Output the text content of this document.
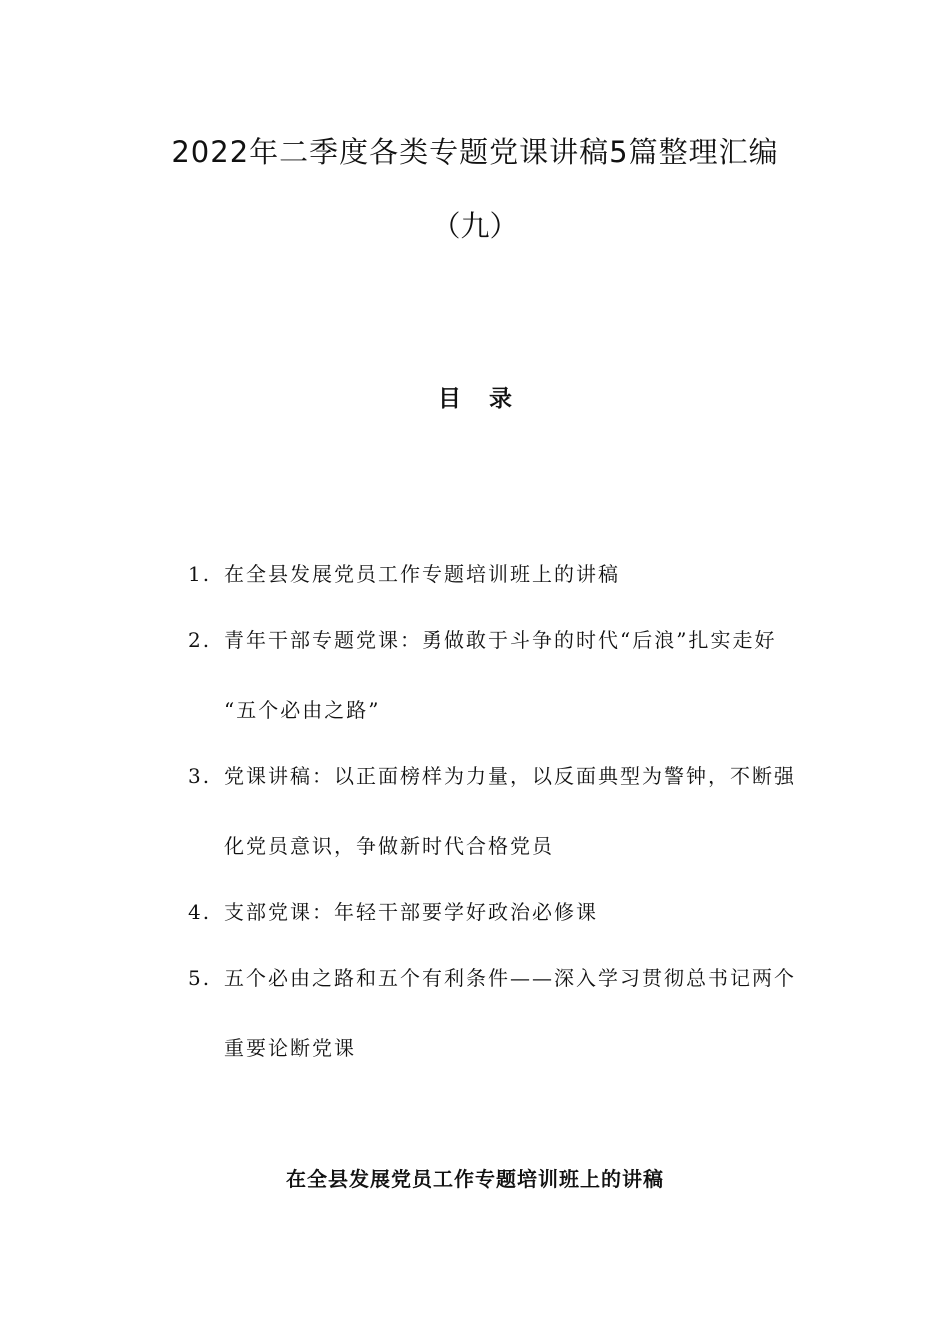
2022年二季度各类专题党课讲稿5篇整理汇编
（九）
目录
1. 在全县发展党员工作专题培训班上的讲稿
2. 青年干部专题党课：勇做敢于斗争的时代“后浪”扎实走好
“五个必由之路”
3. 党课讲稿：以正面榜样为力量，以反面典型为警钟，不断强
化党员意识，争做新时代合格党员
4. 支部党课：年轻干部要学好政治必修课
5. 五个必由之路和五个有利条件——深入学习贯彻总书记两个
重要论断党课
在全县发展党员工作专题培训班上的讲稿
